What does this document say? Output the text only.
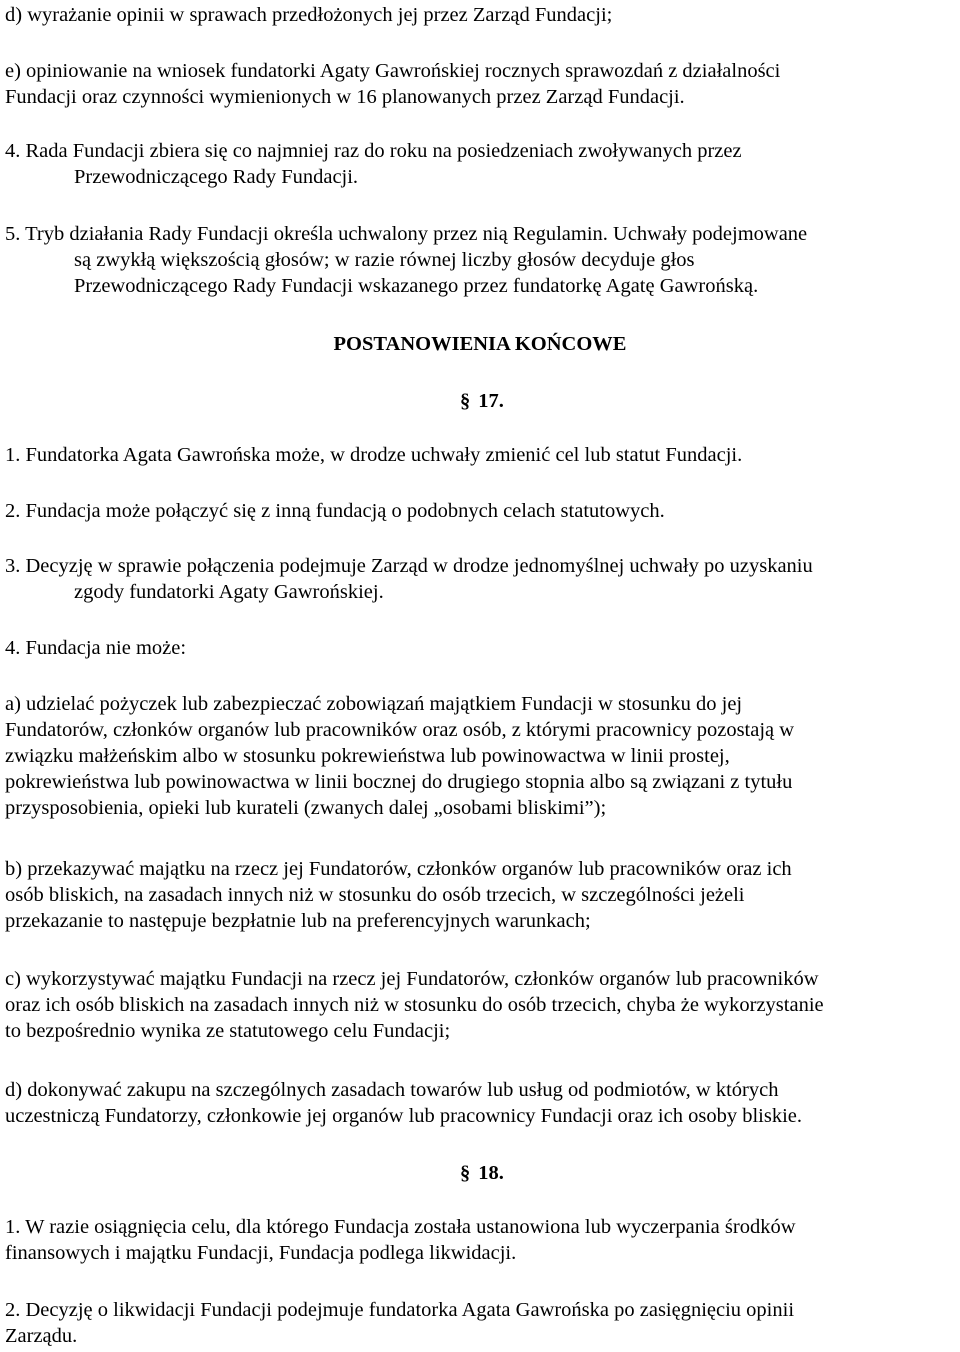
d) wyrażanie opinii w sprawach przedłożonych jej przez Zarząd Fundacji;

e) opiniowanie na wniosek fundatorki Agaty Gawrońskiej rocznych sprawozdań z działalności
Fundacji oraz czynności wymienionych w 16 planowanych przez Zarząd Fundacji.

4. Rada Fundacji zbiera się co najmniej raz do roku na posiedzeniach zwoływanych przez
Przewodniczącego Rady Fundacji.

5. Tryb działania Rady Fundacji określa uchwalony przez nią Regulamin. Uchwały podejmowane
są zwykłą większością głosów; w razie równej liczby głosów decyduje głos
Przewodniczącego Rady Fundacji wskazanego przez fundatorkę Agatę Gawrońską.

POSTANOWIENIA KOŃCOWE
§ 17.

1. Fundatorka Agata Gawrońska może, w drodze uchwały zmienić cel lub statut Fundacji.

2. Fundacja może połączyć się z inną fundacją o podobnych celach statutowych.

3. Decyzję w sprawie połączenia podejmuje Zarząd w drodze jednomyślnej uchwały po uzyskaniu
zgody fundatorki Agaty Gawrońskiej.

4. Fundacja nie może:

a) udzielać pożyczek lub zabezpieczać zobowiązań majątkiem Fundacji w stosunku do jej
Fundatorów, członków organów lub pracowników oraz osób, z którymi pracownicy pozostają w
związku małżeńskim albo w stosunku pokrewieństwa lub powinowactwa w linii prostej,
pokrewieństwa lub powinowactwa w linii bocznej do drugiego stopnia albo są związani z tytułu
przysposobienia, opieki lub kurateli (zwanych dalej „osobami bliskimi”);

b) przekazywać majątku na rzecz jej Fundatorów, członków organów lub pracowników oraz ich
osób bliskich, na zasadach innych niż w stosunku do osób trzecich, w szczególności jeżeli
przekazanie to następuje bezpłatnie lub na preferencyjnych warunkach;

c) wykorzystywać majątku Fundacji na rzecz jej Fundatorów, członków organów lub pracowników
oraz ich osób bliskich na zasadach innych niż w stosunku do osób trzecich, chyba że wykorzystanie
to bezpośrednio wynika ze statutowego celu Fundacji;

d) dokonywać zakupu na szczególnych zasadach towarów lub usług od podmiotów, w których
uczestniczą Fundatorzy, członkowie jej organów lub pracownicy Fundacji oraz ich osoby bliskie.

§ 18.

1. W razie osiągnięcia celu, dla którego Fundacja została ustanowiona lub wyczerpania środków
finansowych i majątku Fundacji, Fundacja podlega likwidacji.

2. Decyzję o likwidacji Fundacji podejmuje fundatorka Agata Gawrońska po zasięgnięciu opinii
Zarządu.
